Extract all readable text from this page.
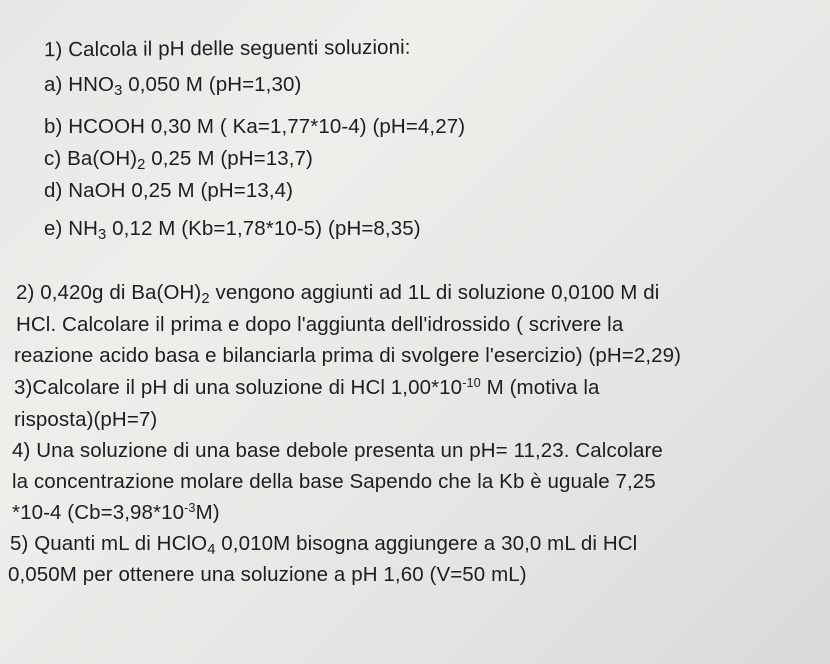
1) Calcola il pH delle seguenti soluzioni:
a) $HNO_3$ 0,050 M (pH=1,30)
b) HCOOH 0,30 M ( Ka=1,77*10-4) (pH=4,27)
c) $Ba(OH)_2$ 0,25 M (pH=13,7)
d) NaOH 0,25 M (pH=13,4)
e) $NH_3$ 0,12 M (Kb=1,78*10-5) (pH=8,35)
2) 0,420g di $Ba(OH)_2$ vengono aggiunti ad 1L di soluzione 0,0100 M di
HCl. Calcolare il prima e dopo l'aggiunta dell'idrossido ( scrivere la
reazione acido basa e bilanciarla prima di svolgere l'esercizio) (pH=2,29)
3)Calcolare il pH di una soluzione di HCl $1,00*10^{-10}$ M (motiva la
risposta)(pH=7)
4) Una soluzione di una base debole presenta un pH= 11,23. Calcolare
la concentrazione molare della base Sapendo che la Kb è uguale 7,25
*10-4 $(Cb=3,98*10^{-3}M)$
5) Quanti mL di HClO$_4$ 0,010M bisogna aggiungere a 30,0 mL di HCl
0,050M per ottenere una soluzione a pH 1,60 (V=50 mL)
